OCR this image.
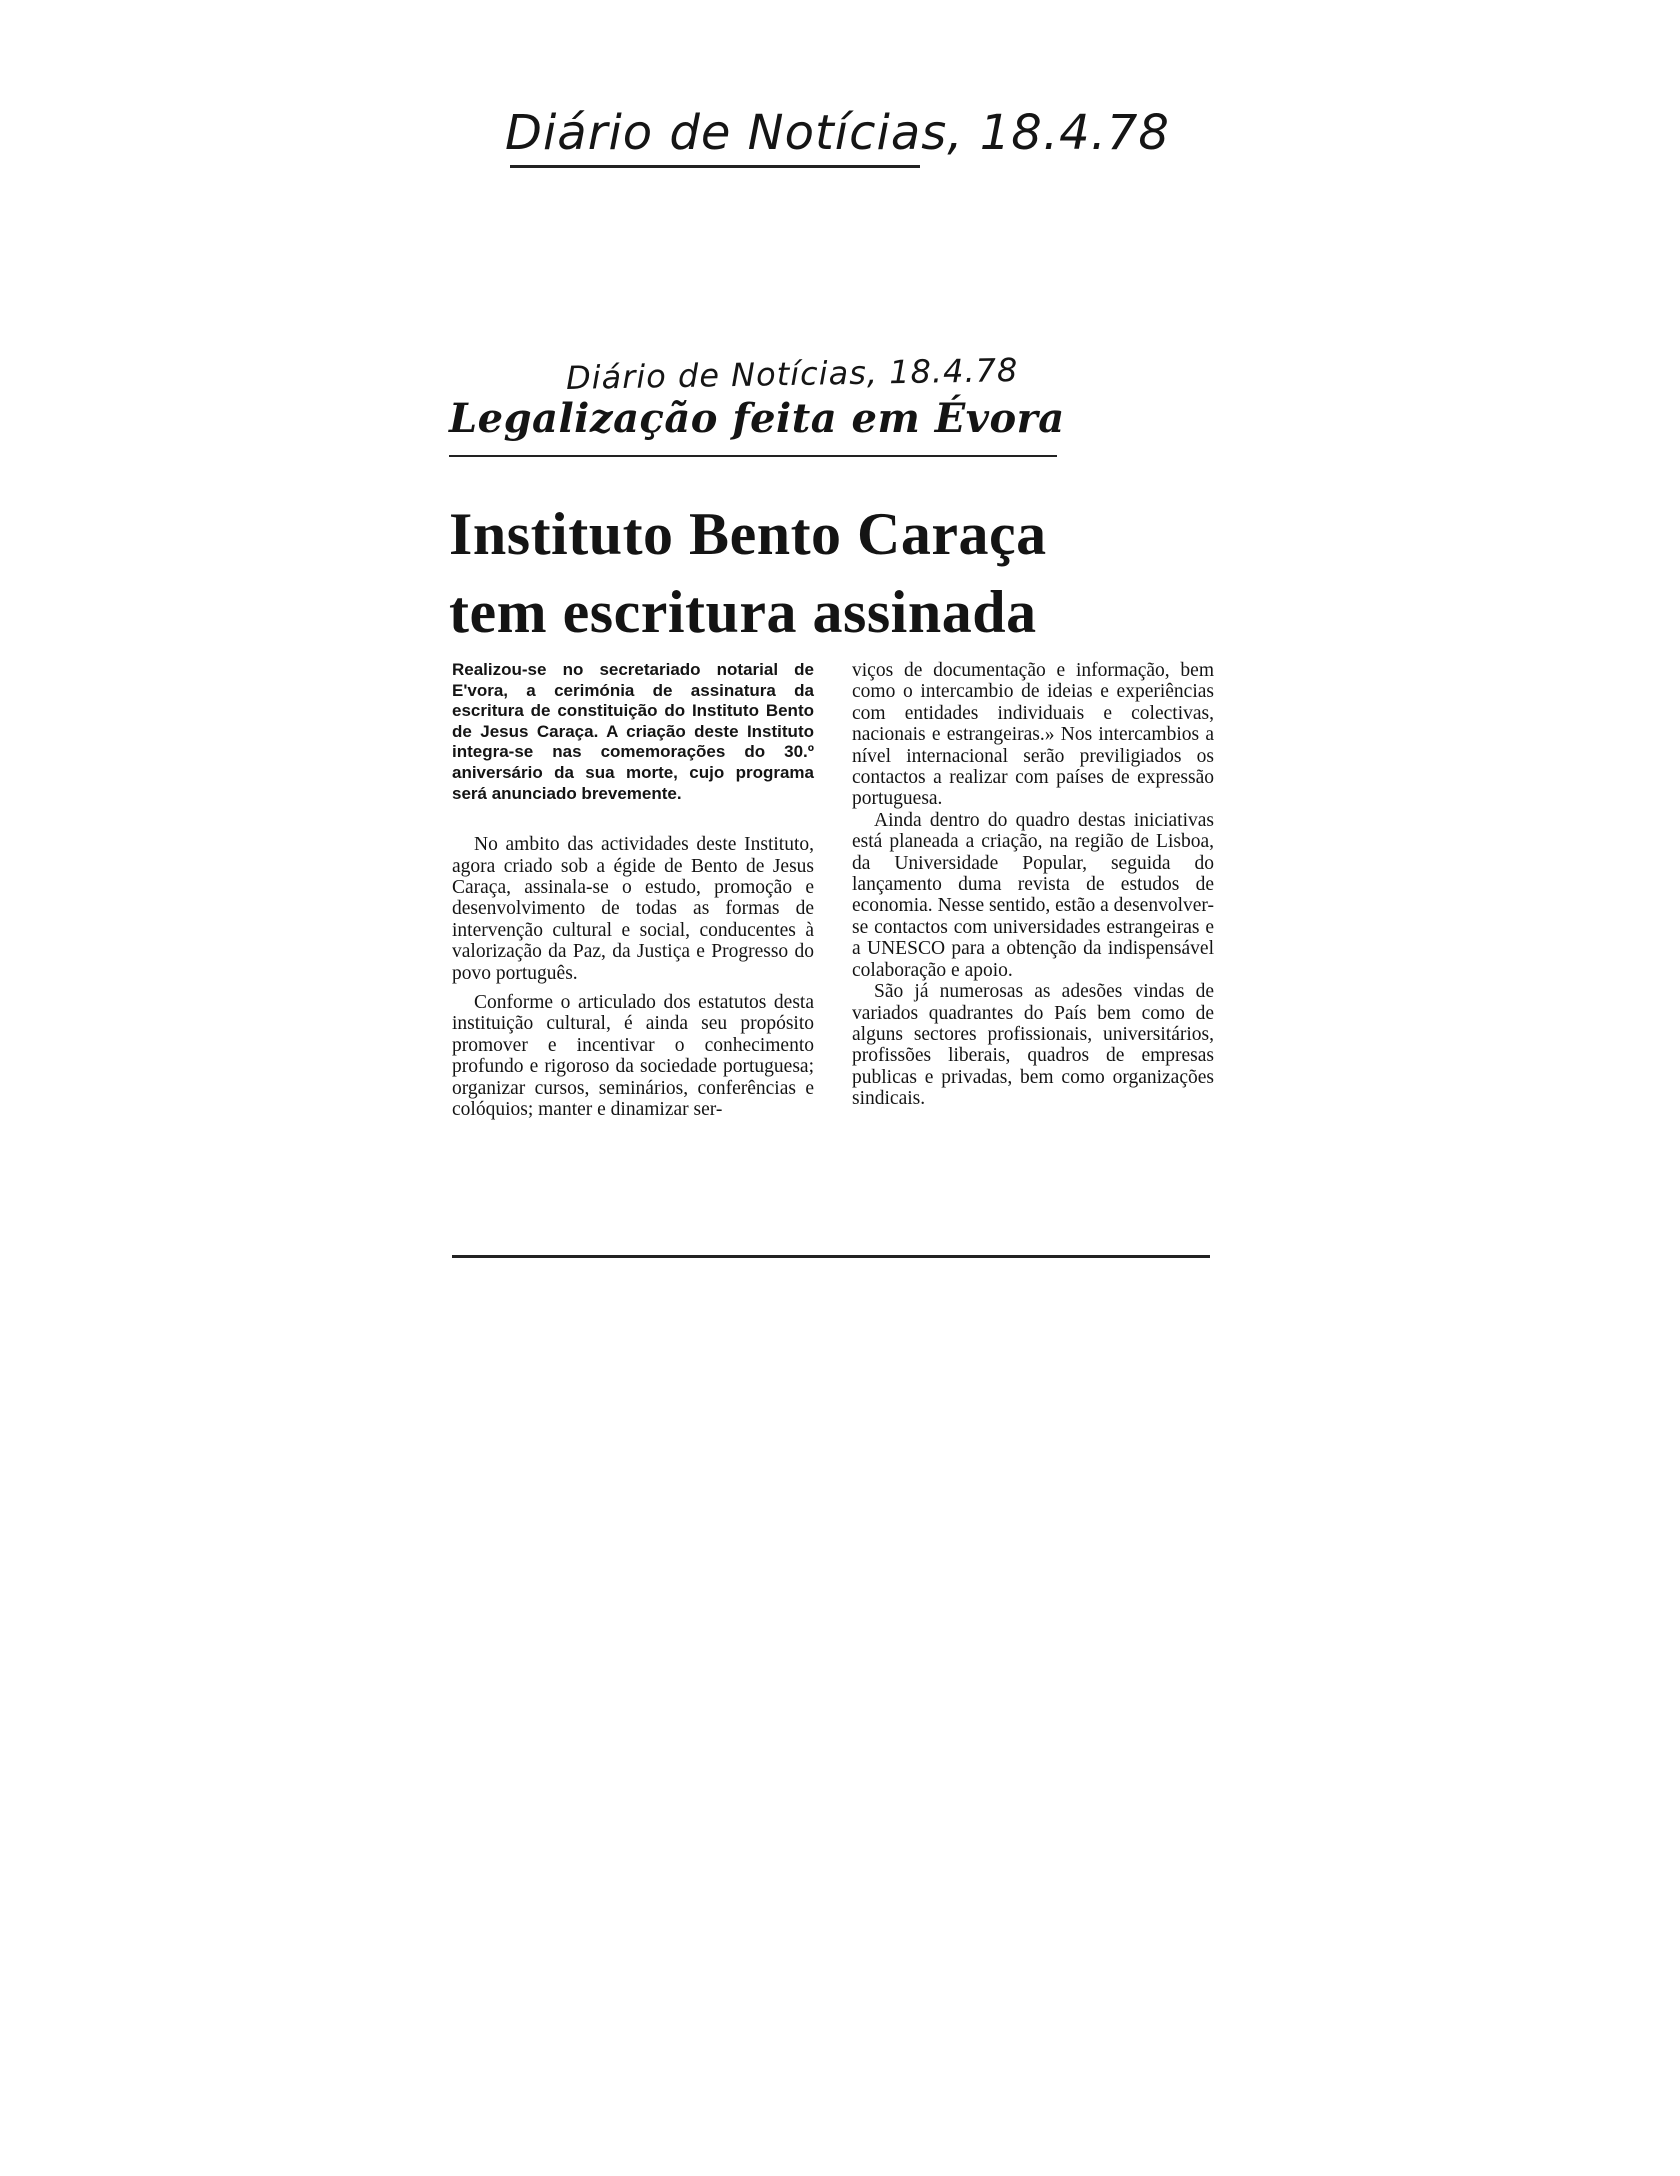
Diário de Notícias, 18.4.78
Diário de Notícias, 18.4.78
Legalização feita em Évora
Instituto Bento Caraça
tem escritura assinada

Realizou-se no secretariado notarial de E'vora, a cerimónia de assinatura da escritura de constituição do Instituto Bento de Jesus Caraça. A criação deste Instituto integra-se nas comemorações do 30.º aniversário da sua morte, cujo programa será anunciado brevemente.

No ambito das actividades deste Instituto, agora criado sob a égide de Bento de Jesus Caraça, assinala-se o estudo, promoção e desenvolvimento de todas as formas de intervenção cultural e social, conducentes à valorização da Paz, da Justiça e Progresso do povo português.

Conforme o articulado dos estatutos desta instituição cultural, é ainda seu propósito promover e incentivar o conhecimento profundo e rigoroso da sociedade portuguesa; organizar cursos, seminários, conferências e colóquios; manter e dinamizar ser-

viços de documentação e informação, bem como o intercambio de ideias e experiências com entidades individuais e colectivas, nacionais e estrangeiras.» Nos intercambios a nível internacional serão previligiados os contactos a realizar com países de expressão portuguesa.

Ainda dentro do quadro destas iniciativas está planeada a criação, na região de Lisboa, da Universidade Popular, seguida do lançamento duma revista de estudos de economia. Nesse sentido, estão a desenvolver-se contactos com universidades estrangeiras e a UNESCO para a obtenção da indispensável colaboração e apoio.

São já numerosas as adesões vindas de variados quadrantes do País bem como de alguns sectores profissionais, universitários, profissões liberais, quadros de empresas publicas e privadas, bem como organizações sindicais.
